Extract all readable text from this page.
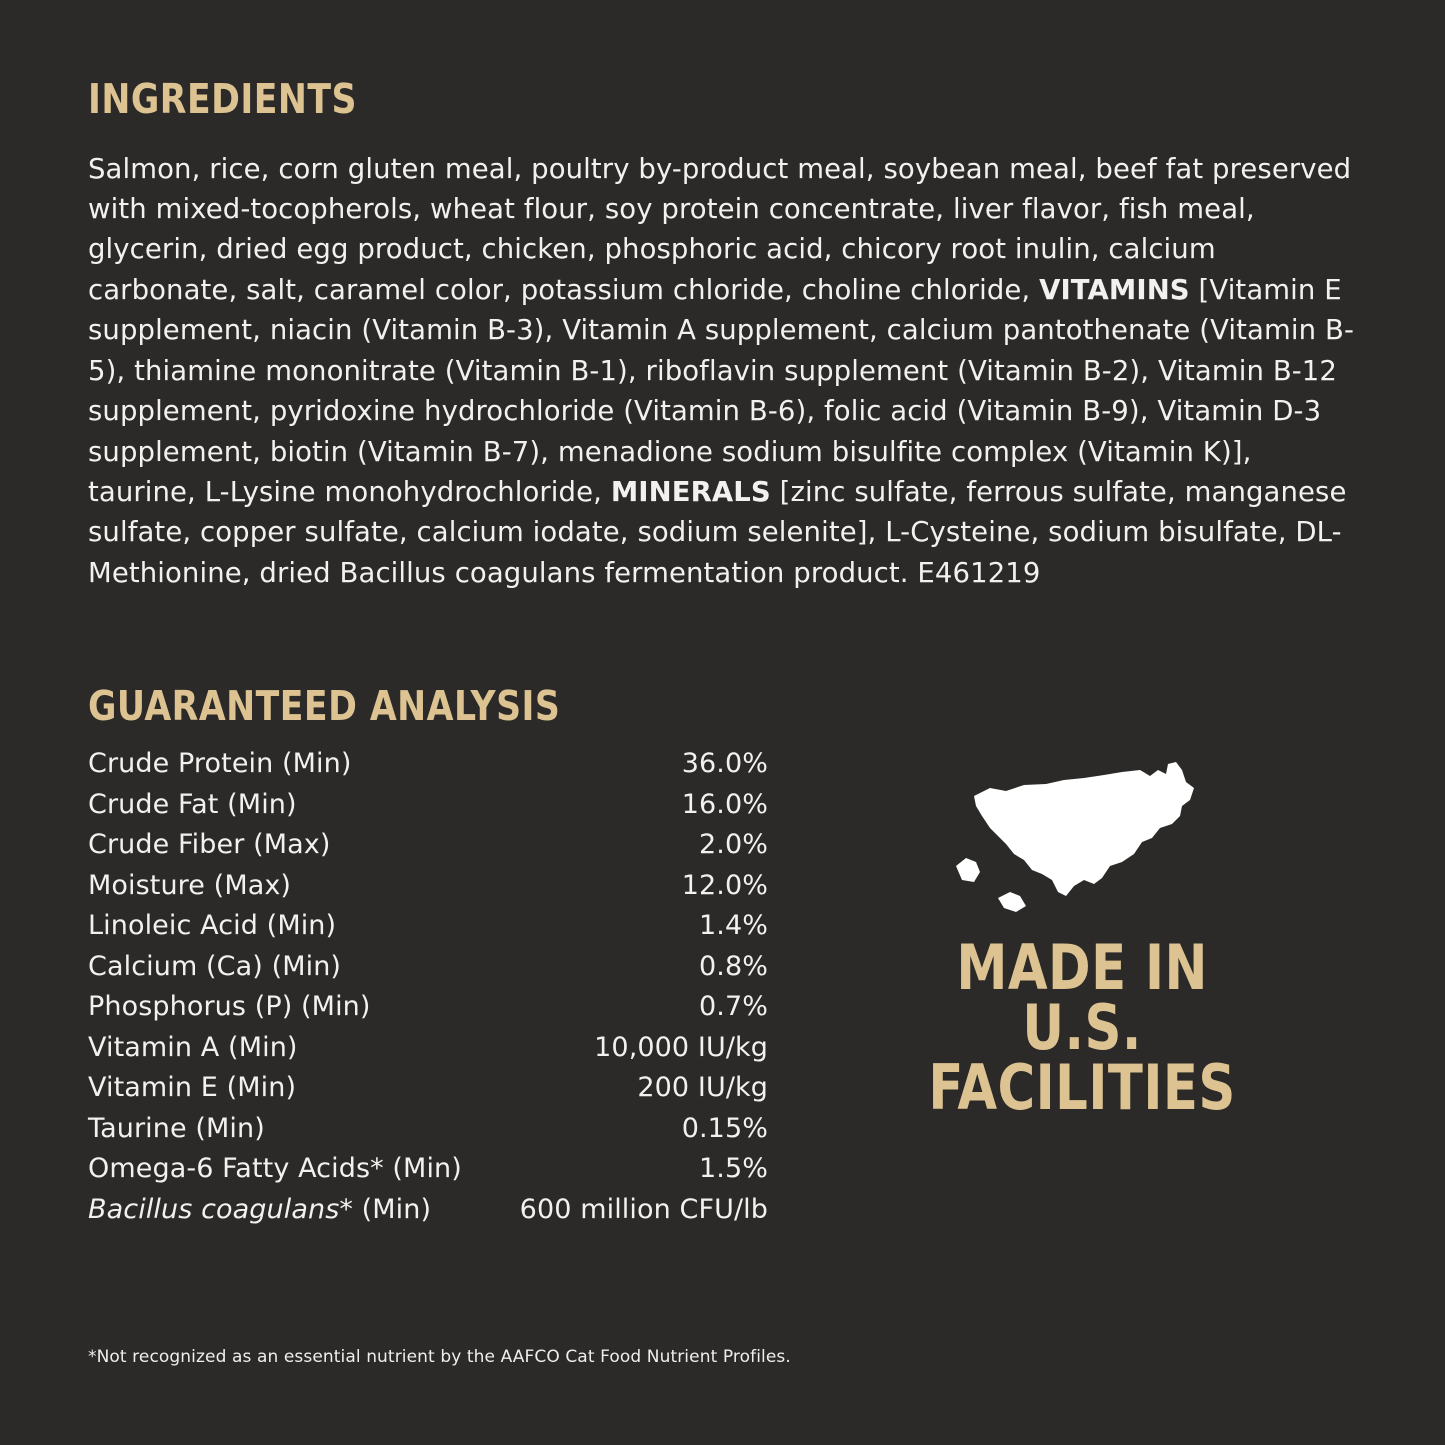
INGREDIENTS

Salmon, rice, corn gluten meal, poultry by-product meal, soybean meal, beef fat preserved with mixed-tocopherols, wheat flour, soy protein concentrate, liver flavor, fish meal, glycerin, dried egg product, chicken, phosphoric acid, chicory root inulin, calcium carbonate, salt, caramel color, potassium chloride, choline chloride, VITAMINS [Vitamin E supplement, niacin (Vitamin B-3), Vitamin A supplement, calcium pantothenate (Vitamin B-5), thiamine mononitrate (Vitamin B-1), riboflavin supplement (Vitamin B-2), Vitamin B-12 supplement, pyridoxine hydrochloride (Vitamin B-6), folic acid (Vitamin B-9), Vitamin D-3 supplement, biotin (Vitamin B-7), menadione sodium bisulfite complex (Vitamin K)], taurine, L-Lysine monohydrochloride, MINERALS [zinc sulfate, ferrous sulfate, manganese sulfate, copper sulfate, calcium iodate, sodium selenite], L-Cysteine, sodium bisulfate, DL-Methionine, dried Bacillus coagulans fermentation product. E461219

GUARANTEED ANALYSIS
Crude Protein (Min)	36.0%
Crude Fat (Min)	16.0%
Crude Fiber (Max)	2.0%
Moisture (Max)	12.0%
Linoleic Acid (Min)	1.4%
Calcium (Ca) (Min)	0.8%
Phosphorus (P) (Min)	0.7%
Vitamin A (Min)	10,000 IU/kg
Vitamin E (Min)	200 IU/kg
Taurine (Min)	0.15%
Omega-6 Fatty Acids* (Min)	1.5%
Bacillus coagulans* (Min)	600 million CFU/lb
MADE IN
U.S.
FACILITIES
*Not recognized as an essential nutrient by the AAFCO Cat Food Nutrient Profiles.
